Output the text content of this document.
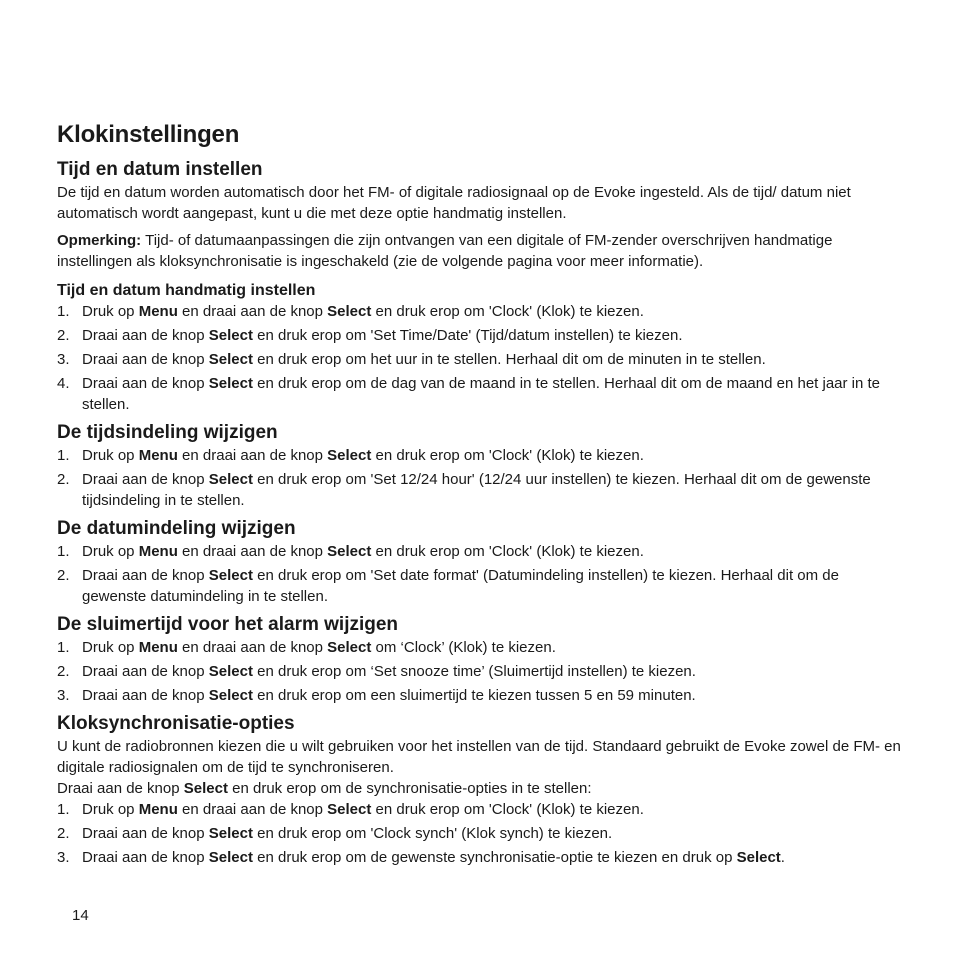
Klokinstellingen
Tijd en datum instellen

De tijd en datum worden automatisch door het FM- of digitale radiosignaal op de Evoke ingesteld. Als de tijd/ datum niet automatisch wordt aangepast, kunt u die met deze optie handmatig instellen.

Opmerking: Tijd- of datumaanpassingen die zijn ontvangen van een digitale of FM-zender overschrijven handmatige instellingen als kloksynchronisatie is ingeschakeld (zie de volgende pagina voor meer informatie).

Tijd en datum handmatig instellen
1. Druk op Menu en draai aan de knop Select en druk erop om 'Clock' (Klok) te kiezen.
2. Draai aan de knop Select en druk erop om 'Set Time/Date' (Tijd/datum instellen) te kiezen.
3. Draai aan de knop Select en druk erop om het uur in te stellen. Herhaal dit om de minuten in te stellen.
4. Draai aan de knop Select en druk erop om de dag van de maand in te stellen. Herhaal dit om de maand en het jaar in te stellen.
De tijdsindeling wijzigen
1. Druk op Menu en draai aan de knop Select en druk erop om 'Clock' (Klok) te kiezen.
2. Draai aan de knop Select en druk erop om 'Set 12/24 hour' (12/24 uur instellen) te kiezen. Herhaal dit om de gewenste tijdsindeling in te stellen.
De datumindeling wijzigen
1. Druk op Menu en draai aan de knop Select en druk erop om 'Clock' (Klok) te kiezen.
2. Draai aan de knop Select en druk erop om 'Set date format' (Datumindeling instellen) te kiezen. Herhaal dit om de gewenste datumindeling in te stellen.
De sluimertijd voor het alarm wijzigen
1. Druk op Menu en draai aan de knop Select om ‘Clock’ (Klok) te kiezen.
2. Draai aan de knop Select en druk erop om ‘Set snooze time’ (Sluimertijd instellen) te kiezen.
3. Draai aan de knop Select en druk erop om een sluimertijd te kiezen tussen 5 en 59 minuten.
Kloksynchronisatie-opties

U kunt de radiobronnen kiezen die u wilt gebruiken voor het instellen van de tijd. Standaard gebruikt de Evoke zowel de FM- en digitale radiosignalen om de tijd te synchroniseren.

Draai aan de knop Select en druk erop om de synchronisatie-opties in te stellen:

1. Druk op Menu en draai aan de knop Select en druk erop om 'Clock' (Klok) te kiezen.
2. Draai aan de knop Select en druk erop om 'Clock synch' (Klok synch) te kiezen.
3. Draai aan de knop Select en druk erop om de gewenste synchronisatie-optie te kiezen en druk op Select.
14
